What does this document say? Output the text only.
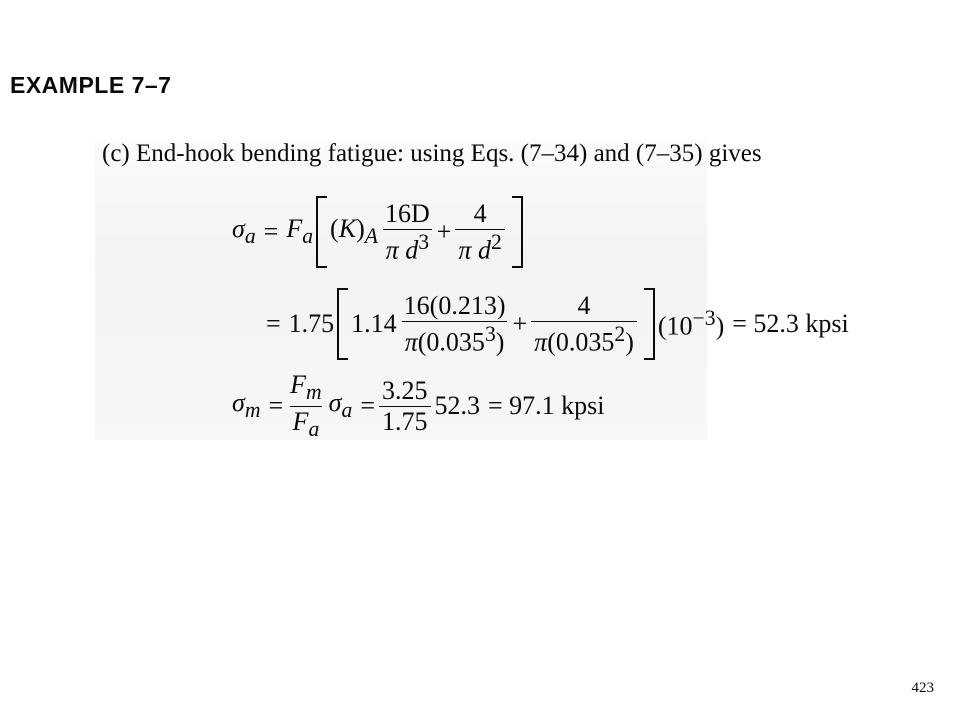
EXAMPLE 7–7
(c) End-hook bending fatigue: using Eqs. (7–34) and (7–35) gives
$\sigma_a = F_a$ $(K)_A \frac{16D}{\pi d^3} + \frac{4}{\pi d^2}$
= 1.75 $1.14 \frac{16(0.213)}{\pi(0.035^3)} + \frac{4}{\pi(0.035^2)} (10^{-3}) = 52.3$ kpsi
$\sigma_m = \frac{F_m}{F_a} \sigma_a = \frac{3.25}{1.75} 52.3 = 97.1$ kpsi
423
